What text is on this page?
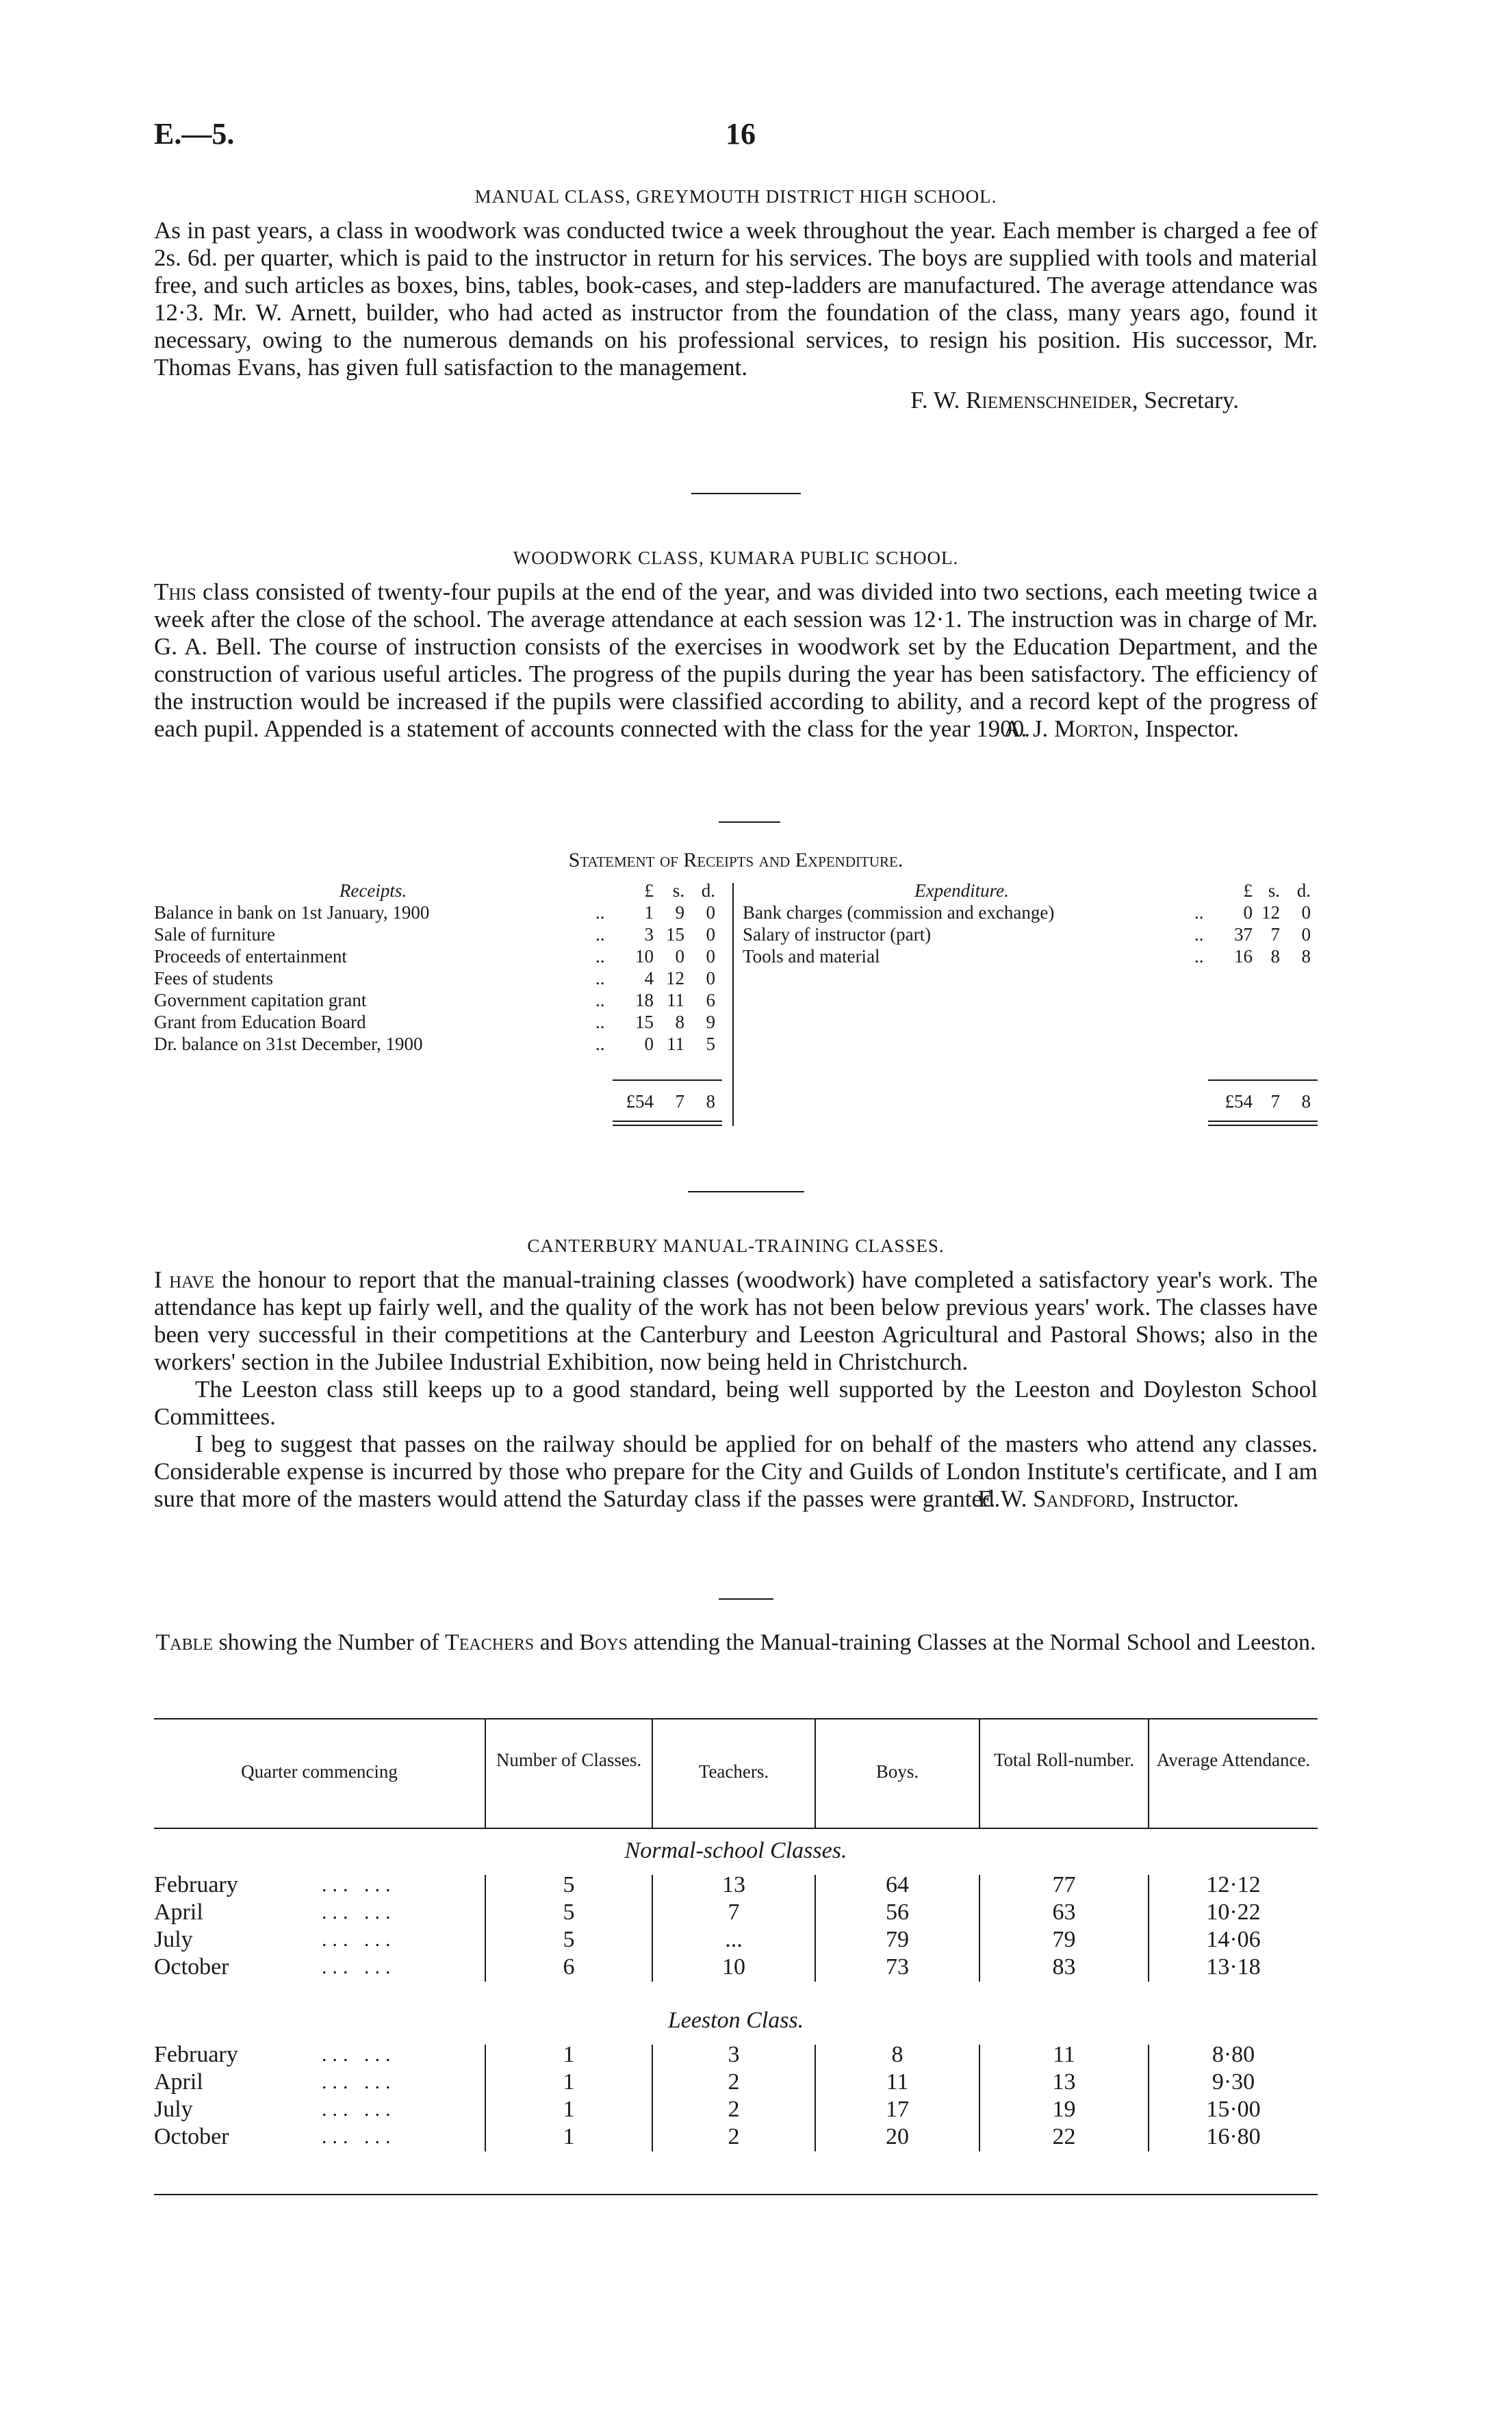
E.—5.	16
MANUAL CLASS, GREYMOUTH DISTRICT HIGH SCHOOL.

As in past years, a class in woodwork was conducted twice a week throughout the year. Each member is charged a fee of 2s. 6d. per quarter, which is paid to the instructor in return for his services. The boys are supplied with tools and material free, and such articles as boxes, bins, tables, book-cases, and step-ladders are manufactured. The average attendance was 12·3. Mr. W. Arnett, builder, who had acted as instructor from the foundation of the class, many years ago, found it necessary, owing to the numerous demands on his professional services, to resign his position. His successor, Mr. Thomas Evans, has given full satisfaction to the management.

F. W. Riemenschneider, Secretary.
WOODWORK CLASS, KUMARA PUBLIC SCHOOL.

This class consisted of twenty-four pupils at the end of the year, and was divided into two sections, each meeting twice a week after the close of the school. The average attendance at each session was 12·1. The instruction was in charge of Mr. G. A. Bell. The course of instruction consists of the exercises in woodwork set by the Education Department, and the construction of various useful articles. The progress of the pupils during the year has been satisfactory. The efficiency of the instruction would be increased if the pupils were classified according to ability, and a record kept of the progress of each pupil. Appended is a statement of accounts connected with the class for the year 1900.

A. J. Morton, Inspector.
Statement of Receipts and Expenditure.
Receipts.	£	s. d.
Balance in bank on 1st January, 1900	..	1	9	0
Sale of furniture	..	3 15	0
Proceeds of entertainment	..	10	0	0
Fees of students	..	4 12	0
Government capitation grant	..	18 11	6
Grant from Education Board	..	15	8	9
Dr. balance on 31st December, 1900	..	0 11	5
£54	7	8
Expenditure.	£ s. d.
Bank charges (commission and exchange)	..	0 12	0
Salary of instructor (part)	..	37 7	0
Tools and material	..	16 8	8
£54 7	8
CANTERBURY MANUAL-TRAINING CLASSES.

I have the honour to report that the manual-training classes (woodwork) have completed a satisfactory year's work. The attendance has kept up fairly well, and the quality of the work has not been below previous years' work. The classes have been very successful in their competitions at the Canterbury and Leeston Agricultural and Pastoral Shows; also in the workers' section in the Jubilee Industrial Exhibition, now being held in Christchurch.

The Leeston class still keeps up to a good standard, being well supported by the Leeston and Doyleston School Committees.

I beg to suggest that passes on the railway should be applied for on behalf of the masters who attend any classes. Considerable expense is incurred by those who prepare for the City and Guilds of London Institute's certificate, and I am sure that more of the masters would attend the Saturday class if the passes were granted.

F. W. Sandford, Instructor.
Table showing the Number of Teachers and Boys attending the Manual-training Classes at the Normal School and Leeston.
Quarter commencing
Number of Classes.
Teachers.	Boys.
Total Roll-number.	Average Attendance.
Normal-school Classes.
February	... ...	5	13	64	77	12·12
April	... ...	5	7	56	63	10·22
July	... ...	5	...	79	79	14·06
October	... ...	6	10	73	83	13·18
Leeston Class.
February	... ...	1	3	8	11	8·80
April	... ...	1	2	11	13	9·30
July	... ...	1	2	17	19	15·00
October	... ...	1	2	20	22	16·80
